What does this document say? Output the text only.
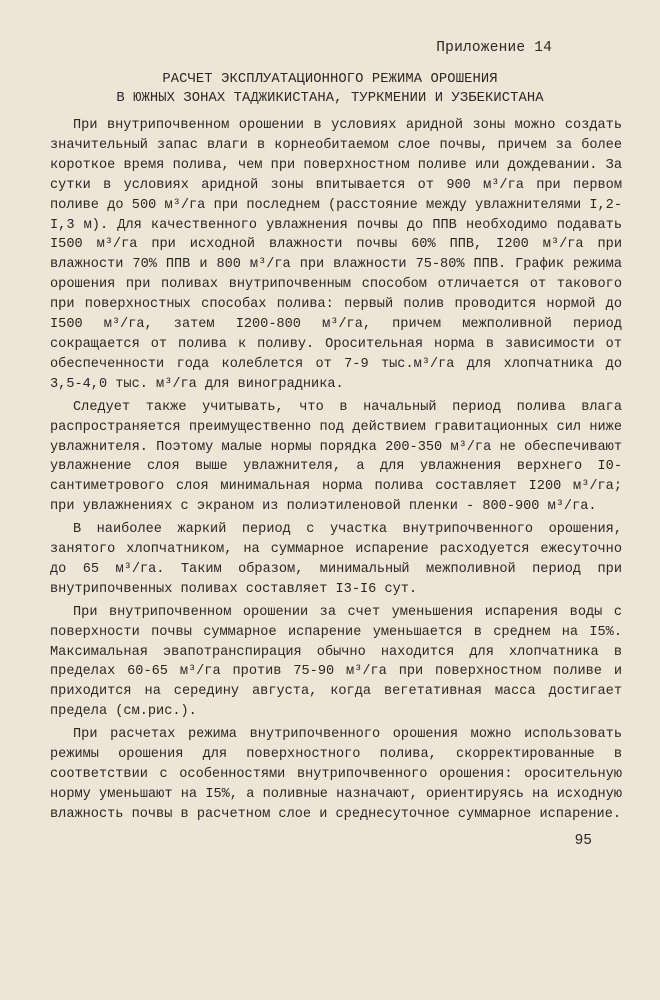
Приложение 14
РАСЧЕТ ЭКСПЛУАТАЦИОННОГО РЕЖИМА ОРОШЕНИЯ
В ЮЖНЫХ ЗОНАХ ТАДЖИКИСТАНА, ТУРКМЕНИИ И УЗБЕКИСТАНА

При внутрипочвенном орошении в условиях аридной зоны можно создать значительный запас влаги в корнеобитаемом слое почвы, причем за более короткое время полива, чем при поверхностном поливе или дождевании. За сутки в условиях аридной зоны впитывается от 900 м³/га при первом поливе до 500 м³/га при последнем (расстояние между увлажнителями I,2-I,3 м). Для качественного увлажнения почвы до ППВ необходимо подавать I500 м³/га при исходной влажности почвы 60% ППВ, I200 м³/га при влажности 70% ППВ и 800 м³/га при влажности 75-80% ППВ. График режима орошения при поливах внутрипочвенным способом отличается от такового при поверхностных способах полива: первый полив проводится нормой до I500 м³/га, затем I200-800 м³/га, причем межполивной период сокращается от полива к поливу. Оросительная норма в зависимости от обеспеченности года колеблется от 7-9 тыс.м³/га для хлопчатника до 3,5-4,0 тыс. м³/га для виноградника.

Следует также учитывать, что в начальный период полива влага распространяется преимущественно под действием гравитационных сил ниже увлажнителя. Поэтому малые нормы порядка 200-350 м³/га не обеспечивают увлажнение слоя выше увлажнителя, а для увлажнения верхнего I0-сантиметрового слоя минимальная норма полива составляет I200 м³/га; при увлажнениях с экраном из полиэтиленовой пленки - 800-900 м³/га.

В наиболее жаркий период с участка внутрипочвенного орошения, занятого хлопчатником, на суммарное испарение расходуется ежесуточно до 65 м³/га. Таким образом, минимальный межполивной период при внутрипочвенных поливах составляет I3-I6 сут.

При внутрипочвенном орошении за счет уменьшения испарения воды с поверхности почвы суммарное испарение уменьшается в среднем на I5%. Максимальная эвапотранспирация обычно находится для хлопчатника в пределах 60-65 м³/га против 75-90 м³/га при поверхностном поливе и приходится на середину августа, когда вегетативная масса достигает предела (см.рис.).

При расчетах режима внутрипочвенного орошения можно использовать режимы орошения для поверхностного полива, скорректированные в соответствии с особенностями внутрипочвенного орошения: оросительную норму уменьшают на I5%, а поливные назначают, ориентируясь на исходную влажность почвы в расчетном слое и среднесуточное суммарное испарение.

95
